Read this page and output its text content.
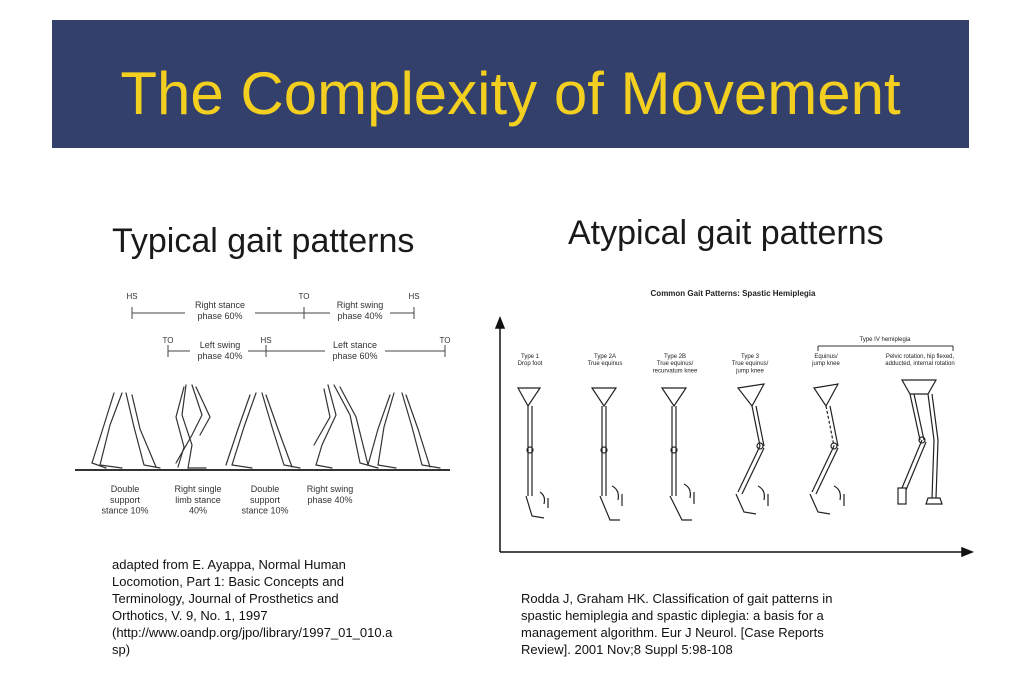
The Complexity of Movement
Typical gait patterns	Atypical gait patterns
HS	TO	HS
TO	HS	TO
Right stance phase 60%
Right swing phase 40%
Left swing phase 40%
Left stance phase 60%
Double support stance 10%
Right single limb stance 40%
Double support stance 10%
Right swing phase 40%
Common Gait Patterns: Spastic Hemiplegia
Type IV hemiplegia
Type 1 Drop foot
Type 2A True equinus
Type 2B True equinus/ recurvatum knee
Type 3 True equinus/ jump knee
Equinus/ jump knee
Pelvic rotation, hip flexed, adducted, internal rotation
adapted from E. Ayappa, Normal Human
Locomotion, Part 1: Basic Concepts and
Terminology, Journal of Prosthetics and
Orthotics, V. 9, No. 1, 1997
(http://www.oandp.org/jpo/library/1997_01_010.a
sp)
Rodda J, Graham HK. Classification of gait patterns in
spastic hemiplegia and spastic diplegia: a basis for a
management algorithm. Eur J Neurol. [Case Reports
Review]. 2001 Nov;8 Suppl 5:98-108
